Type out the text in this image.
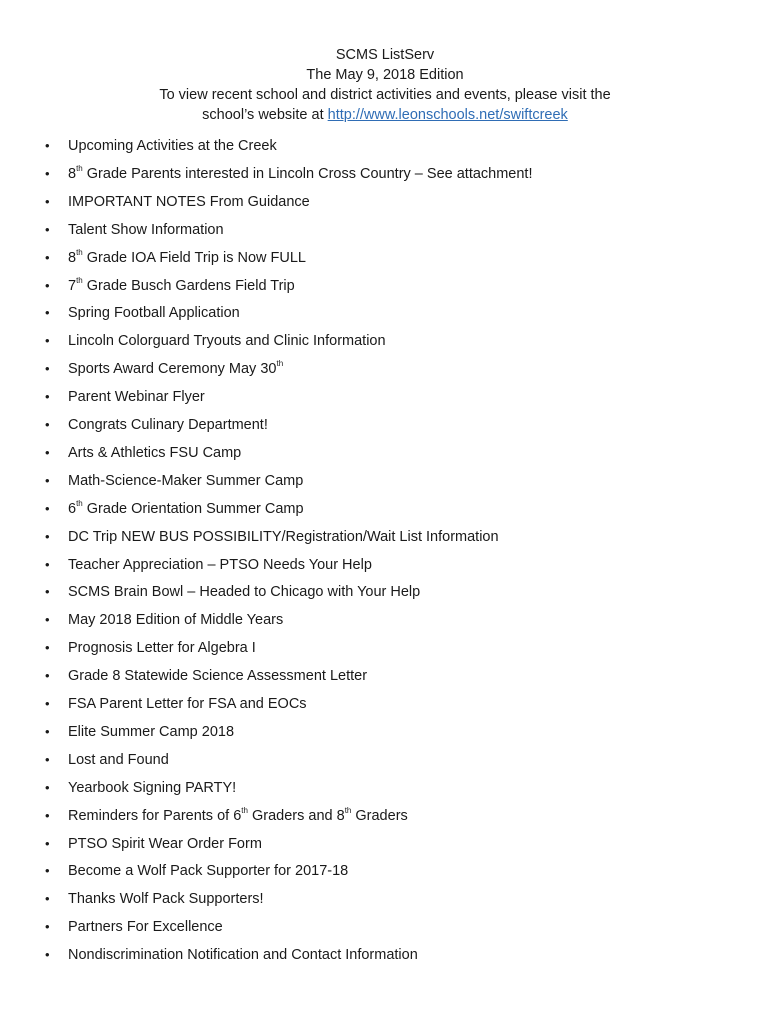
SCMS ListServ
The May 9, 2018 Edition
To view recent school and district activities and events, please visit the
school’s website at http://www.leonschools.net/swiftcreek
• Upcoming Activities at the Creek
• 8th Grade Parents interested in Lincoln Cross Country – See attachment!
• IMPORTANT NOTES From Guidance
• Talent Show Information
• 8th Grade IOA Field Trip is Now FULL
• 7th Grade Busch Gardens Field Trip
• Spring Football Application
• Lincoln Colorguard Tryouts and Clinic Information
• Sports Award Ceremony May 30th
• Parent Webinar Flyer
• Congrats Culinary Department!
• Arts & Athletics FSU Camp
• Math-Science-Maker Summer Camp
• 6th Grade Orientation Summer Camp
• DC Trip NEW BUS POSSIBILITY/Registration/Wait List Information
• Teacher Appreciation – PTSO Needs Your Help
• SCMS Brain Bowl – Headed to Chicago with Your Help
• May 2018 Edition of Middle Years
• Prognosis Letter for Algebra I
• Grade 8 Statewide Science Assessment Letter
• FSA Parent Letter for FSA and EOCs
• Elite Summer Camp 2018
• Lost and Found
• Yearbook Signing PARTY!
• Reminders for Parents of 6th Graders and 8th Graders
• PTSO Spirit Wear Order Form
• Become a Wolf Pack Supporter for 2017-18
• Thanks Wolf Pack Supporters!
• Partners For Excellence
• Nondiscrimination Notification and Contact Information
